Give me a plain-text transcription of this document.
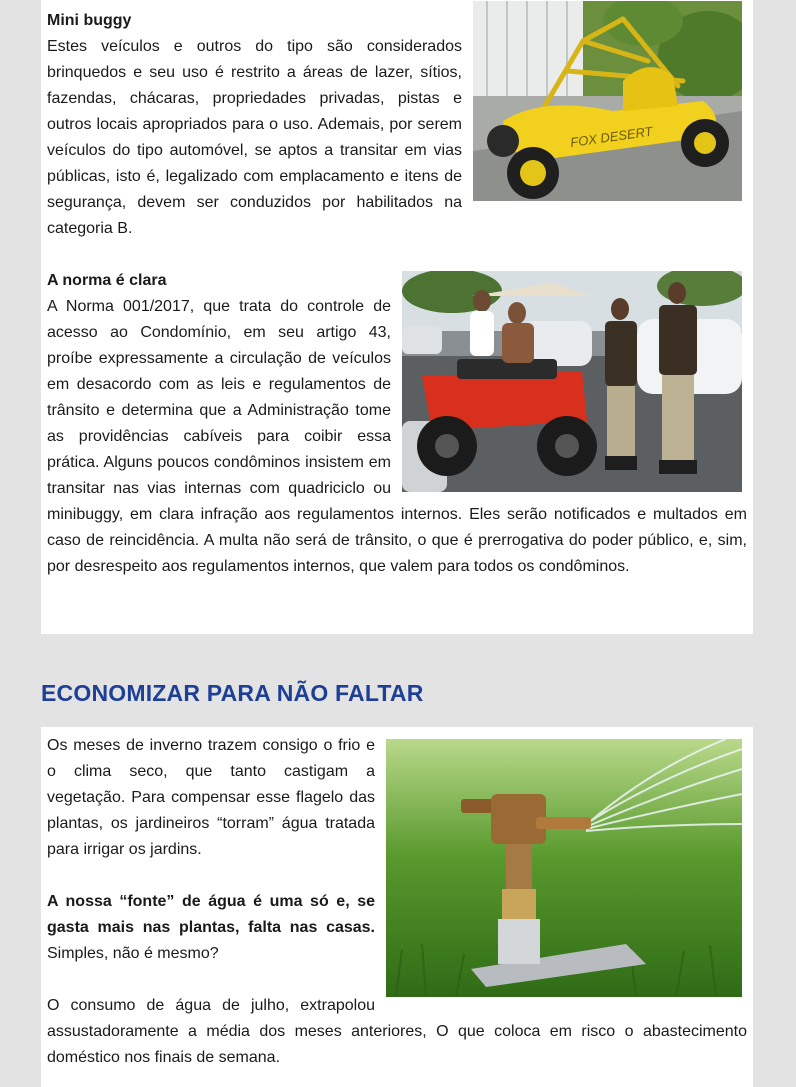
FOX DESERT
Mini buggy

Estes veículos e outros do tipo são considerados brinquedos e seu uso é restrito a áreas de lazer, sítios, fazendas, chácaras, propriedades privadas, pistas e outros locais apropriados para o uso. Ademais, por serem veículos do tipo automóvel, se aptos a transitar em vias públicas, isto é, legalizado com emplacamento e itens de segurança, devem ser conduzidos por habilitados na categoria B.

A norma é clara

A Norma 001/2017, que trata do controle de acesso ao Condomínio, em seu artigo 43, proíbe expressamente a circulação de veículos em desacordo com as leis e regulamentos de trânsito e determina que a Administração tome as providências cabíveis para coibir essa prática. Alguns poucos condôminos insistem em transitar nas vias internas com quadriciclo ou minibuggy, em clara infração aos regulamentos internos. Eles serão notificados e multados em caso de reincidência. A multa não será de trânsito, o que é prerrogativa do poder público, e, sim, por desrespeito aos regulamentos internos, que valem para todos os condôminos.

ECONOMIZAR PARA NÃO FALTAR

Os meses de inverno trazem consigo o frio e o clima seco, que tanto castigam a vegetação. Para compensar esse flagelo das plantas, os jardineiros “torram” água tratada para irrigar os jardins.

A nossa “fonte” de água é uma só e, se gasta mais nas plantas, falta nas casas. Simples, não é mesmo?

O consumo de água de julho, extrapolou assustadoramente a média dos meses anteriores, O que coloca em risco o abastecimento doméstico nos finais de semana.
